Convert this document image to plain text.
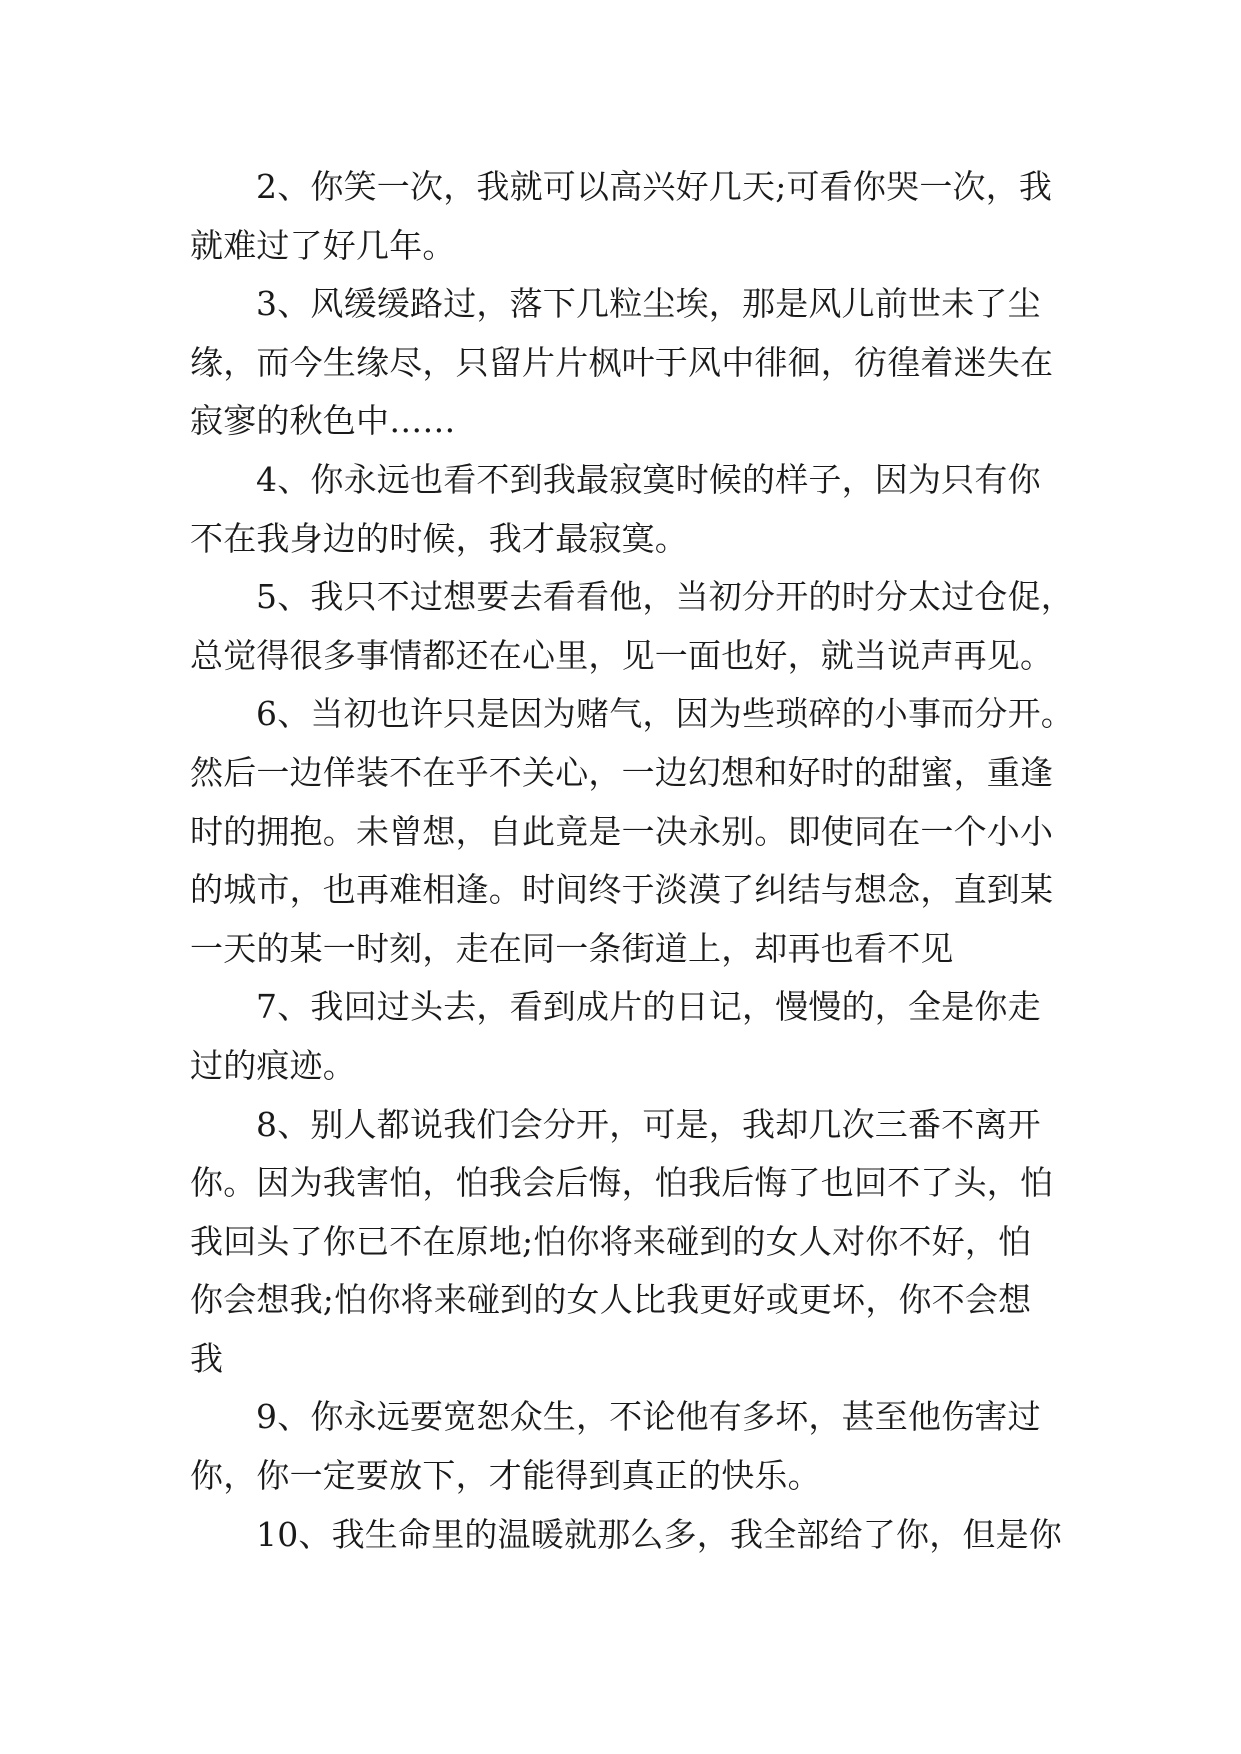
2、你笑一次，我就可以高兴好几天;可看你哭一次，我
就难过了好几年。
3、风缓缓路过，落下几粒尘埃，那是风儿前世未了尘
缘，而今生缘尽，只留片片枫叶于风中徘徊，彷徨着迷失在
寂寥的秋色中……
4、你永远也看不到我最寂寞时候的样子，因为只有你
不在我身边的时候，我才最寂寞。
5、我只不过想要去看看他，当初分开的时分太过仓促，
总觉得很多事情都还在心里，见一面也好，就当说声再见。
6、当初也许只是因为赌气，因为些琐碎的小事而分开。
然后一边佯装不在乎不关心，一边幻想和好时的甜蜜，重逢
时的拥抱。未曾想，自此竟是一决永别。即使同在一个小小
的城市，也再难相逢。时间终于淡漠了纠结与想念，直到某
一天的某一时刻，走在同一条街道上，却再也看不见
7、我回过头去，看到成片的日记，慢慢的，全是你走
过的痕迹。
8、别人都说我们会分开，可是，我却几次三番不离开
你。因为我害怕，怕我会后悔，怕我后悔了也回不了头，怕
我回头了你已不在原地;怕你将来碰到的女人对你不好，怕
你会想我;怕你将来碰到的女人比我更好或更坏，你不会想
我
9、你永远要宽恕众生，不论他有多坏，甚至他伤害过
你，你一定要放下，才能得到真正的快乐。
10、我生命里的温暖就那么多，我全部给了你，但是你
